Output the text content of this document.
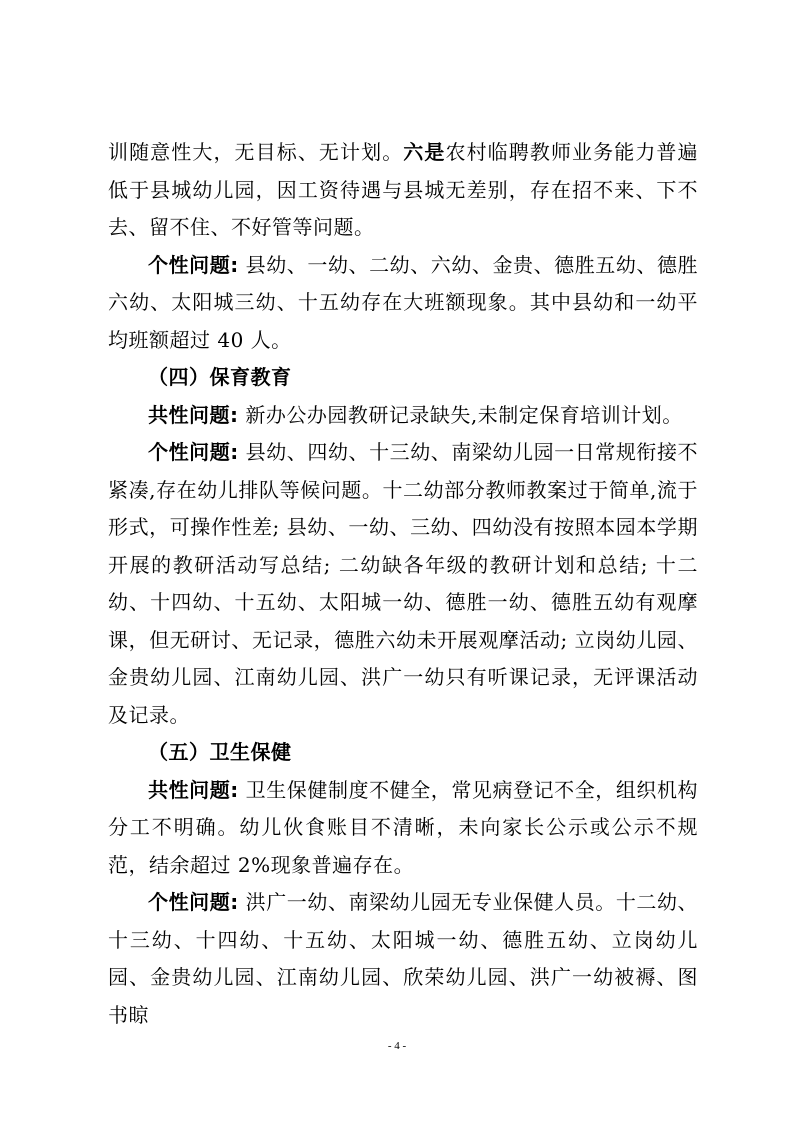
训随意性大，无目标、无计划。六是农村临聘教师业务能力普遍低于县城幼儿园，因工资待遇与县城无差别，存在招不来、下不去、留不住、不好管等问题。

个性问题: 县幼、一幼、二幼、六幼、金贵、德胜五幼、德胜六幼、太阳城三幼、十五幼存在大班额现象。其中县幼和一幼平均班额超过 40 人。

（四）保育教育

共性问题: 新办公办园教研记录缺失,未制定保育培训计划。

个性问题: 县幼、四幼、十三幼、南梁幼儿园一日常规衔接不紧凑,存在幼儿排队等候问题。十二幼部分教师教案过于简单,流于形式，可操作性差; 县幼、一幼、三幼、四幼没有按照本园本学期开展的教研活动写总结; 二幼缺各年级的教研计划和总结; 十二幼、十四幼、十五幼、太阳城一幼、德胜一幼、德胜五幼有观摩课，但无研讨、无记录，德胜六幼未开展观摩活动; 立岗幼儿园、金贵幼儿园、江南幼儿园、洪广一幼只有听课记录，无评课活动及记录。

（五）卫生保健

共性问题: 卫生保健制度不健全，常见病登记不全，组织机构分工不明确。幼儿伙食账目不清晰，未向家长公示或公示不规范，结余超过 2%现象普遍存在。

个性问题: 洪广一幼、南梁幼儿园无专业保健人员。十二幼、十三幼、十四幼、十五幼、太阳城一幼、德胜五幼、立岗幼儿园、金贵幼儿园、江南幼儿园、欣荣幼儿园、洪广一幼被褥、图书晾

- 4 -
